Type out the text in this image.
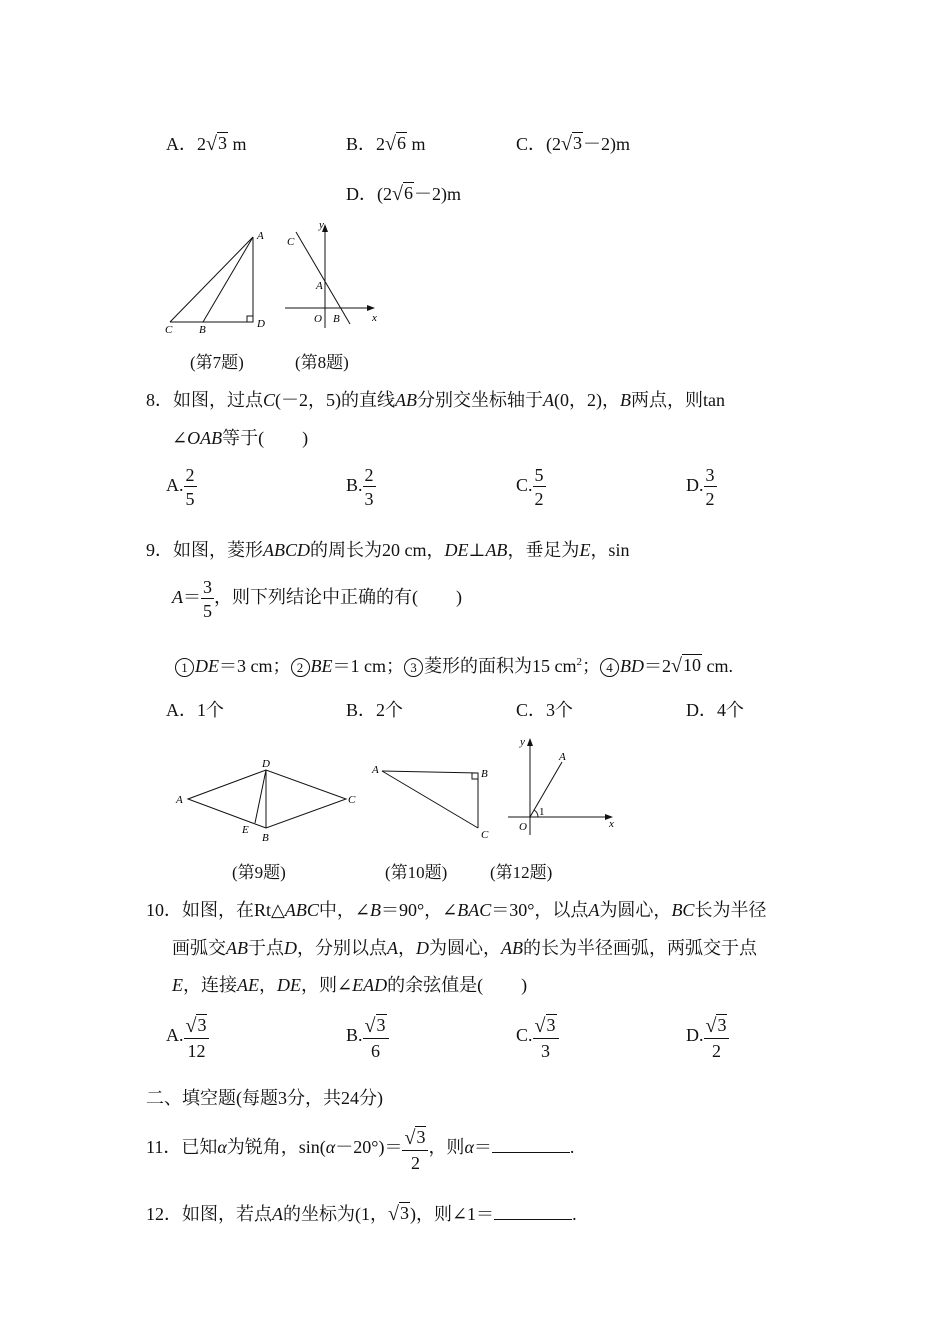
A．2 √ 3 m	B．2 √ 6 m	C．(2 √ 3 －2)m
D．(2 √ 6 －2)m
A
B
C	D
y
x
C
A
O B
(第7题)	(第8题)
8．如图，过点C(－2，5)的直线AB分别交坐标轴于A(0，2)，B两点，则tan
∠OAB等于( )
A. $\frac{2}{5}$	B. $\frac{2}{3}$	C. $\frac{5}{2}$	D. $\frac{3}{2}$
9．如图，菱形ABCD的周长为20 cm，DE⊥AB，垂足为E，sin
$A= \frac{3}{5}$ ，则下列结论中正确的有( )
1 DE＝3 cm； 2 BE＝1 cm； 3 菱形的面积为15 $cm^2$； 4 BD＝2 √ 10 cm.
A．1个	B．2个	C．3个	D．4个
A
B
C
D
E
A	B
C
y
x
O
A
1
(第9题)	(第10题)	(第12题)
10．如图，在Rt△ABC中，∠B＝90°，∠BAC＝30°，以点A为圆心，BC长为半径
画弧交AB于点D，分别以点A，D为圆心，AB的长为半径画弧，两弧交于点
E，连接AE，DE，则∠EAD的余弦值是( )
A. $\frac{√ 3}{12}$	B. $\frac{√ 3}{6}$	C. $\frac{√ 3}{3}$	D. $\frac{√ 3}{2}$
二、填空题(每题3分，共24分)
11．已知α为锐角，$\sin(\alpha-20^\circ)= \frac{√ 3}{2}$ ，则α＝	.
12．如图，若点A的坐标为(1， √ 3 )，则∠1＝	.
